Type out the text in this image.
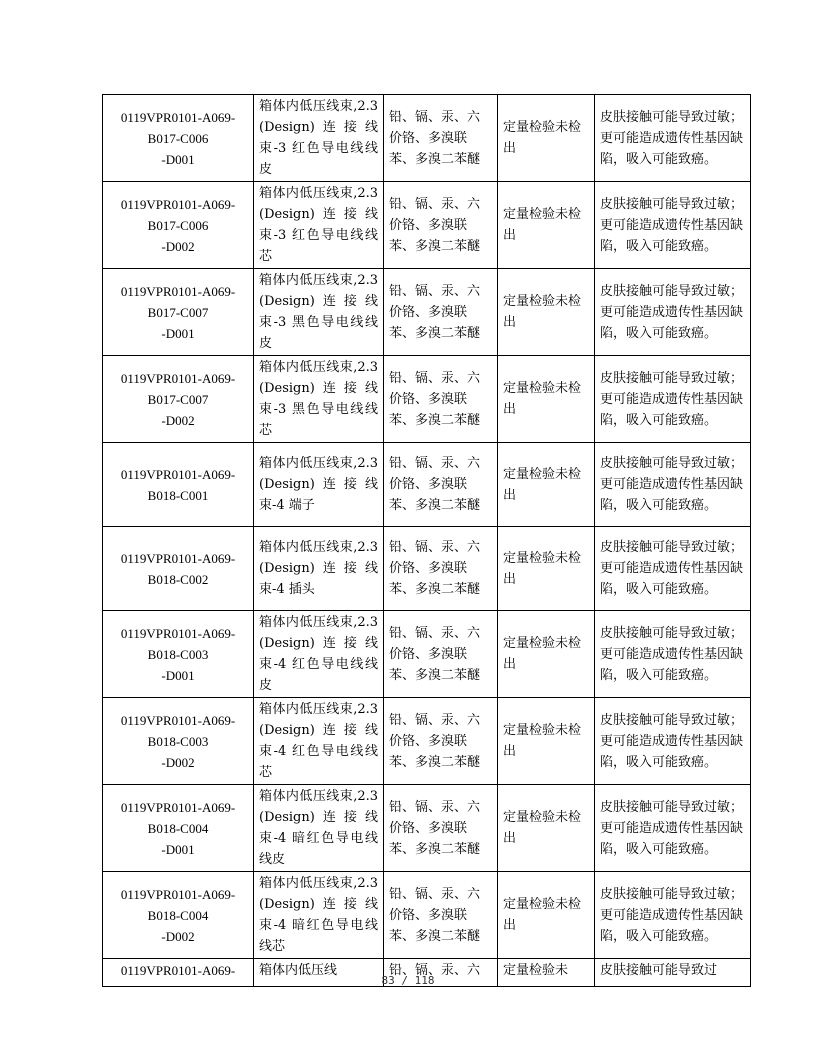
0119VPR0101-A069-
B017-C006
-D001	箱体内低压线束,2.3 (Design)连接线束-3 红色导电线线皮	铅、镉、汞、六价铬、多溴联苯、多溴二苯醚	定量检验未检出	皮肤接触可能导致过敏；更可能造成遗传性基因缺陷，吸入可能致癌。

0119VPR0101-A069-
B017-C006
-D002	箱体内低压线束,2.3 (Design)连接线束-3 红色导电线线芯	铅、镉、汞、六价铬、多溴联苯、多溴二苯醚	定量检验未检出	皮肤接触可能导致过敏；更可能造成遗传性基因缺陷，吸入可能致癌。

0119VPR0101-A069-
B017-C007
-D001	箱体内低压线束,2.3 (Design)连接线束-3 黑色导电线线皮	铅、镉、汞、六价铬、多溴联苯、多溴二苯醚	定量检验未检出	皮肤接触可能导致过敏；更可能造成遗传性基因缺陷，吸入可能致癌。

0119VPR0101-A069-
B017-C007
-D002	箱体内低压线束,2.3 (Design)连接线束-3 黑色导电线线芯	铅、镉、汞、六价铬、多溴联苯、多溴二苯醚	定量检验未检出	皮肤接触可能导致过敏；更可能造成遗传性基因缺陷，吸入可能致癌。

0119VPR0101-A069-
B018-C001	箱体内低压线束,2.3 (Design)连接线束-4 端子	铅、镉、汞、六价铬、多溴联苯、多溴二苯醚	定量检验未检出	皮肤接触可能导致过敏；更可能造成遗传性基因缺陷，吸入可能致癌。

0119VPR0101-A069-
B018-C002	箱体内低压线束,2.3 (Design)连接线束-4 插头	铅、镉、汞、六价铬、多溴联苯、多溴二苯醚	定量检验未检出	皮肤接触可能导致过敏；更可能造成遗传性基因缺陷，吸入可能致癌。

0119VPR0101-A069-
B018-C003
-D001	箱体内低压线束,2.3 (Design)连接线束-4 红色导电线线皮	铅、镉、汞、六价铬、多溴联苯、多溴二苯醚	定量检验未检出	皮肤接触可能导致过敏；更可能造成遗传性基因缺陷，吸入可能致癌。

0119VPR0101-A069-
B018-C003
-D002	箱体内低压线束,2.3 (Design)连接线束-4 红色导电线线芯	铅、镉、汞、六价铬、多溴联苯、多溴二苯醚	定量检验未检出	皮肤接触可能导致过敏；更可能造成遗传性基因缺陷，吸入可能致癌。

0119VPR0101-A069-
B018-C004
-D001	箱体内低压线束,2.3 (Design)连接线束-4 暗红色导电线线皮	铅、镉、汞、六价铬、多溴联苯、多溴二苯醚	定量检验未检出	皮肤接触可能导致过敏；更可能造成遗传性基因缺陷，吸入可能致癌。

0119VPR0101-A069-
B018-C004
-D002	箱体内低压线束,2.3 (Design)连接线束-4 暗红色导电线线芯	铅、镉、汞、六价铬、多溴联苯、多溴二苯醚	定量检验未检出	皮肤接触可能导致过敏；更可能造成遗传性基因缺陷，吸入可能致癌。

0119VPR0101-A069-	箱体内低压线	铅、镉、汞、六	定量检验未	皮肤接触可能导致过
83 / 118
